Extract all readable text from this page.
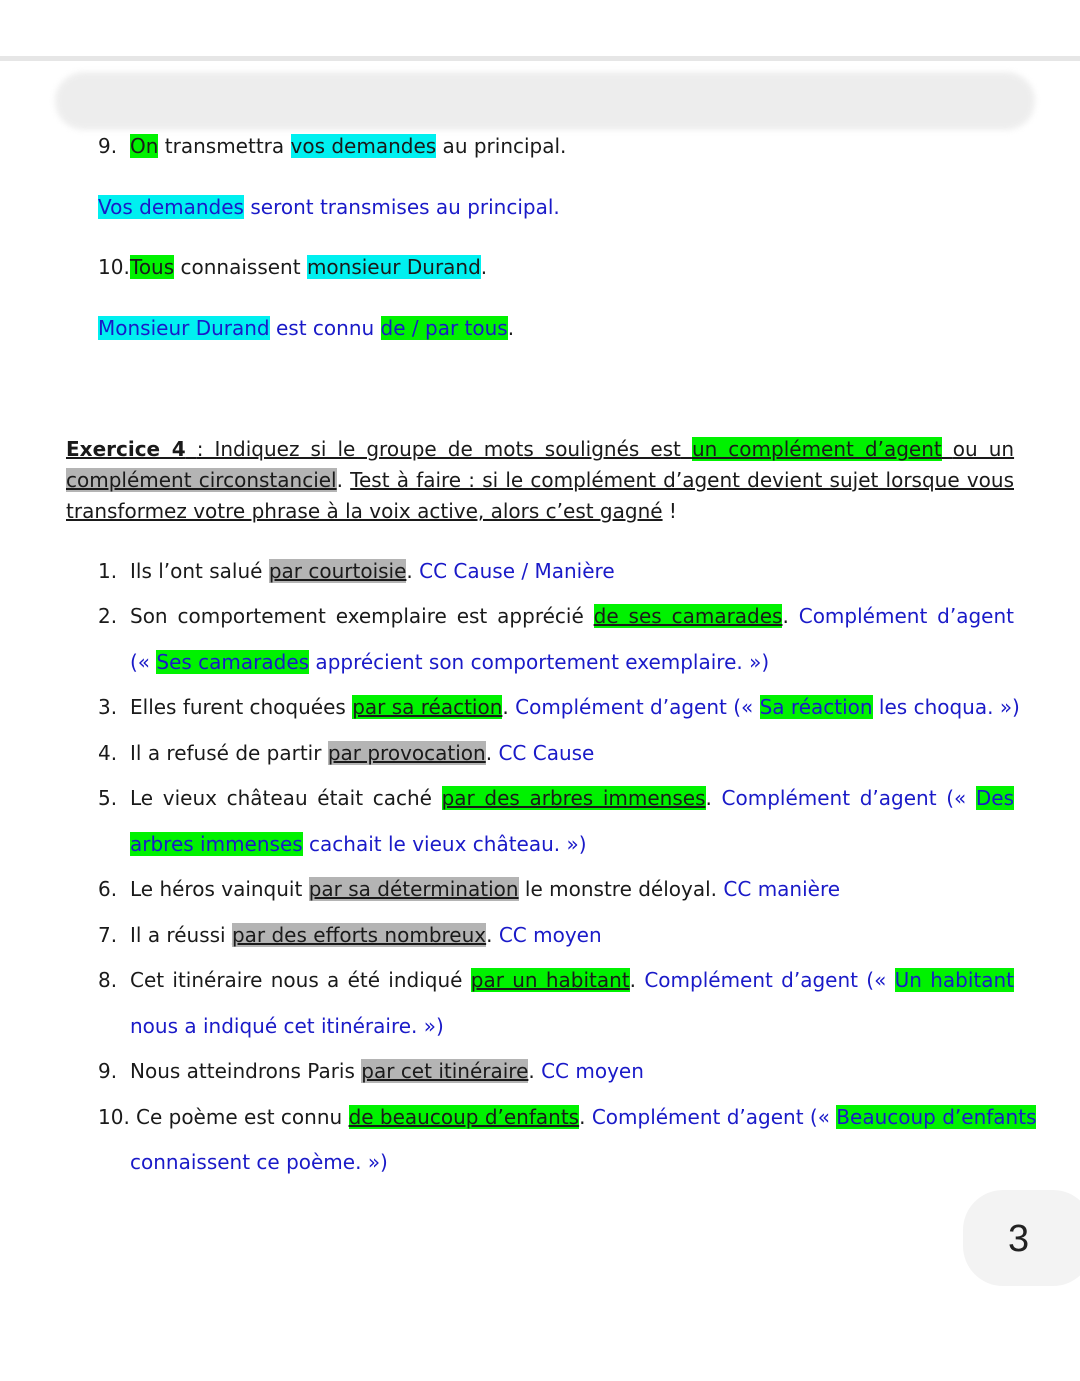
9. On transmettra vos demandes au principal.
Vos demandes seront transmises au principal.
10. Tous connaissent monsieur Durand.
Monsieur Durand est connu de / par tous.
Exercice 4 : Indiquez si le groupe de mots soulignés est un complément d’agent ou un
complément circonstanciel. Test à faire : si le complément d’agent devient sujet lorsque vous
transformez votre phrase à la voix active, alors c’est gagné !
1. Ils l’ont salué par courtoisie. CC Cause / Manière
2. Son comportement exemplaire est apprécié de ses camarades. Complément d’agent
(« Ses camarades apprécient son comportement exemplaire. »)
3. Elles furent choquées par sa réaction. Complément d’agent (« Sa réaction les choqua. »)
4. Il a refusé de partir par provocation. CC Cause
5. Le vieux château était caché par des arbres immenses. Complément d’agent (« Des
arbres immenses cachait le vieux château. »)
6. Le héros vainquit par sa détermination le monstre déloyal. CC manière
7. Il a réussi par des efforts nombreux. CC moyen
8. Cet itinéraire nous a été indiqué par un habitant. Complément d’agent (« Un habitant
nous a indiqué cet itinéraire. »)
9. Nous atteindrons Paris par cet itinéraire. CC moyen
10. Ce poème est connu de beaucoup d’enfants. Complément d’agent (« Beaucoup d’enfants
connaissent ce poème. »)
3
